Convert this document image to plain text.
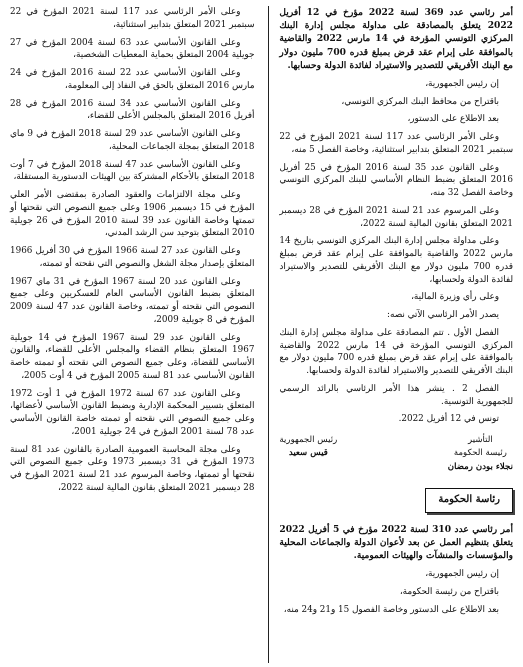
أمر رئاسي عدد 369 لسنة 2022 مؤرخ في 12 أفريل 2022 يتعلق بالمصادقة على مداولة مجلس إدارة البنك المركزي التونسي المؤرخة في 14 مارس 2022 والقاضية بالموافقة على إبرام عقد قرض بمبلغ قدره 700 مليون دولار مع البنك الأفريقي للتصدير والاستيراد لفائدة الدولة وحسابها.

إن رئيس الجمهورية،

باقتراح من محافظ البنك المركزي التونسي،

بعد الاطلاع على الدستور،

وعلى الأمر الرئاسي عدد 117 لسنة 2021 المؤرخ في 22 سبتمبر 2021 المتعلق بتدابير استثنائية، وخاصة الفصل 5 منه،

وعلى القانون عدد 35 لسنة 2016 المؤرخ في 25 أفريل 2016 المتعلق بضبط النظام الأساسي للبنك المركزي التونسي وخاصة الفصل 32 منه،

وعلى المرسوم عدد 21 لسنة 2021 المؤرخ في 28 ديسمبر 2021 المتعلق بقانون المالية لسنة 2022،

وعلى مداولة مجلس إدارة البنك المركزي التونسي بتاريخ 14 مارس 2022 والقاضية بالموافقة على إبرام عقد قرض بمبلغ قدره 700 مليون دولار مع البنك الأفريقي للتصدير والاستيراد لفائدة الدولة ولحسابها،

وعلى رأي وزيرة المالية،

يصدر الأمر الرئاسي الآتي نصه:

الفصل الأول . تتم المصادقة على مداولة مجلس إدارة البنك المركزي التونسي المؤرخة في 14 مارس 2022 والقاضية بالموافقة على إبرام عقد قرض بمبلغ قدره 700 مليون دولار مع البنك الأفريقي للتصدير والاستيراد لفائدة الدولة ولحسابها.

الفصل 2 . ينشر هذا الأمر الرئاسي بالرائد الرسمي للجمهورية التونسية.

تونس في 12 أفريل 2022.

التأشير
رئيسة الحكومة
نجلاء بودن رمضان
رئيس الجمهورية
قيس سعيد
رئاسة الحكومة

أمر رئاسي عدد 310 لسنة 2022 مؤرخ في 5 أفريل 2022 يتعلق بتنظيم العمل عن بعد لأعوان الدولة والجماعات المحلية والمؤسسات والمنشآت والهيئات العمومية.

إن رئيس الجمهورية،

باقتراح من رئيسة الحكومة،

بعد الاطلاع على الدستور وخاصة الفصول 15 و21 و24 منه،

وعلى الأمر الرئاسي عدد 117 لسنة 2021 المؤرخ في 22 سبتمبر 2021 المتعلق بتدابير استثنائية،

وعلى القانون الأساسي عدد 63 لسنة 2004 المؤرخ في 27 جويلية 2004 المتعلق بحماية المعطيات الشخصية،

وعلى القانون الأساسي عدد 22 لسنة 2016 المؤرخ في 24 مارس 2016 المتعلق بالحق في النفاذ إلى المعلومة،

وعلى القانون الأساسي عدد 34 لسنة 2016 المؤرخ في 28 أفريل 2016 المتعلق بالمجلس الأعلى للقضاء،

وعلى القانون الأساسي عدد 29 لسنة 2018 المؤرخ في 9 ماي 2018 المتعلق بمجلة الجماعات المحلية،

وعلى القانون الأساسي عدد 47 لسنة 2018 المؤرخ في 7 أوت 2018 المتعلق بالأحكام المشتركة بين الهيئات الدستورية المستقلة،

وعلى مجلة الالتزامات والعقود الصادرة بمقتضى الأمر العلي المؤرخ في 15 ديسمبر 1906 وعلى جميع النصوص التي نقحتها أو تممتها وخاصة القانون عدد 39 لسنة 2010 المؤرخ في 26 جويلية 2010 المتعلق بتوحيد سن الرشد المدني،

وعلى القانون عدد 27 لسنة 1966 المؤرخ في 30 أفريل 1966 المتعلق بإصدار مجلة الشغل والنصوص التي نقحته أو تممته،

وعلى القانون عدد 20 لسنة 1967 المؤرخ في 31 ماي 1967 المتعلق بضبط القانون الأساسي العام للعسكريين وعلى جميع النصوص التي نقحته أو تممته، وخاصة القانون عدد 47 لسنة 2009 المؤرخ في 8 جويلية 2009،

وعلى القانون عدد 29 لسنة 1967 المؤرخ في 14 جويلية 1967 المتعلق بنظام القضاء والمجلس الأعلى للقضاء، والقانون الأساسي للقضاة، وعلى جميع النصوص التي نقحته أو تممته خاصة القانون الأساسي عدد 81 لسنة 2005 المؤرخ في 4 أوت 2005،

وعلى القانون عدد 67 لسنة 1972 المؤرخ في 1 أوت 1972 المتعلق بتسيير المحكمة الإدارية وبضبط القانون الأساسي لأعضائها، وعلى جميع النصوص التي نقحته أو تممته خاصة القانون الأساسي عدد 78 لسنة 2001 المؤرخ في 24 جويلية 2001،

وعلى مجلة المحاسبة العمومية الصادرة بالقانون عدد 81 لسنة 1973 المؤرخ في 31 ديسمبر 1973 وعلى جميع النصوص التي نقحتها أو تممتها، وخاصة المرسوم عدد 21 لسنة 2021 المؤرخ في 28 ديسمبر 2021 المتعلق بقانون المالية لسنة 2022،
